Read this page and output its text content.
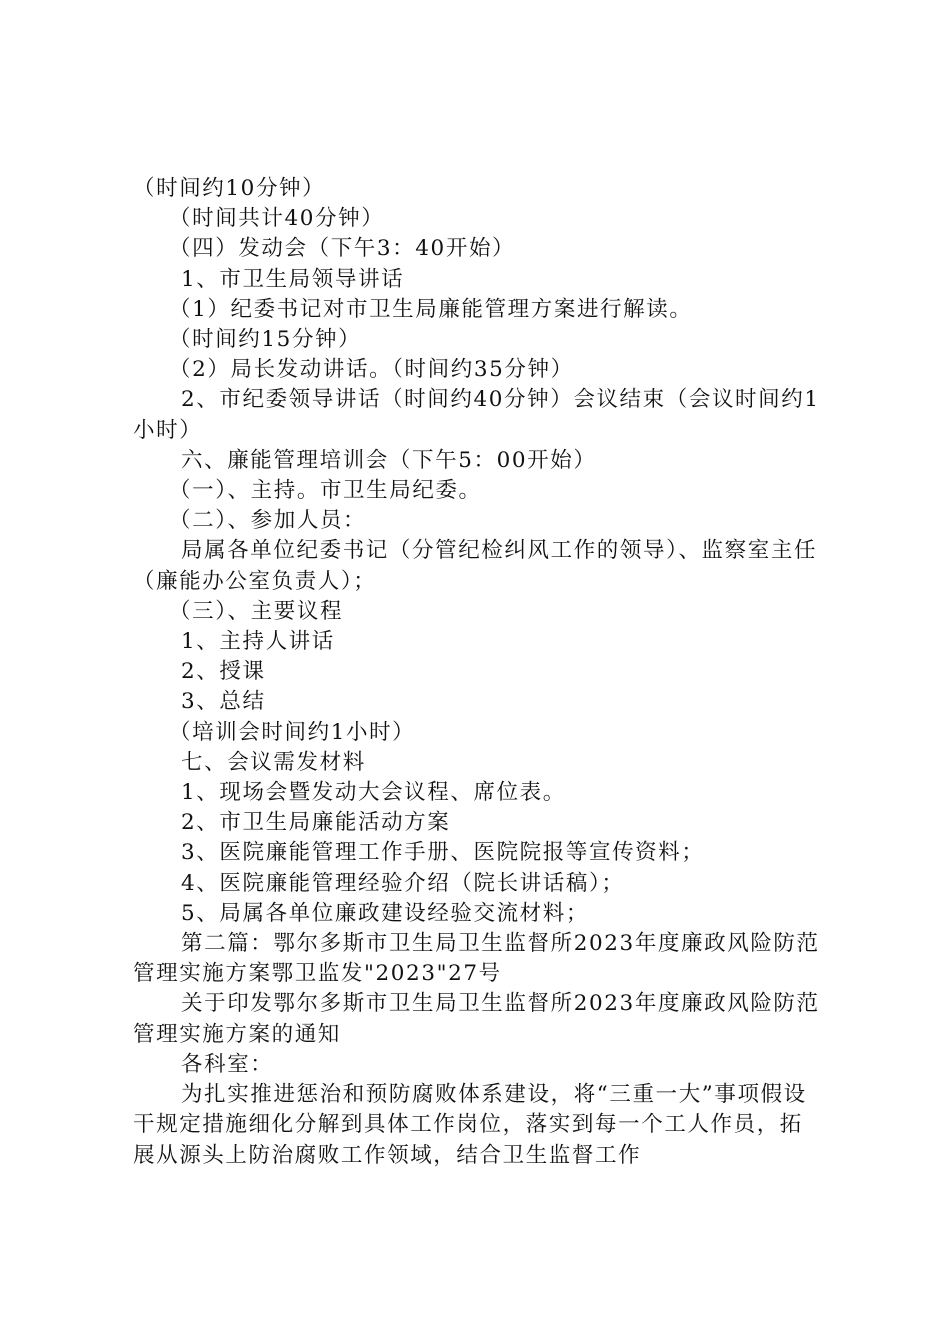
（时间约10分钟）

（时间共计40分钟）

（四）发动会（下午3：40开始）

1、市卫生局领导讲话

（1）纪委书记对市卫生局廉能管理方案进行解读。

（时间约15分钟）

（2）局长发动讲话。（时间约35分钟）

2、市纪委领导讲话（时间约40分钟）会议结束（会议时间约1小时）

六、廉能管理培训会（下午5：00开始）

（一）、主持。市卫生局纪委。

（二）、参加人员：

局属各单位纪委书记（分管纪检纠风工作的领导）、监察室主任（廉能办公室负责人）；

（三）、主要议程

1、主持人讲话

2、授课

3、总结

（培训会时间约1小时）

七、会议需发材料

1、现场会暨发动大会议程、席位表。

2、市卫生局廉能活动方案

3、医院廉能管理工作手册、医院院报等宣传资料；

4、医院廉能管理经验介绍（院长讲话稿）；

5、局属各单位廉政建设经验交流材料；

第二篇：鄂尔多斯市卫生局卫生监督所2023年度廉政风险防范管理实施方案鄂卫监发"2023"27号

关于印发鄂尔多斯市卫生局卫生监督所2023年度廉政风险防范管理实施方案的通知

各科室：

为扎实推进惩治和预防腐败体系建设，将“三重一大”事项假设干规定措施细化分解到具体工作岗位，落实到每一个工人作员，拓展从源头上防治腐败工作领域，结合卫生监督工作
